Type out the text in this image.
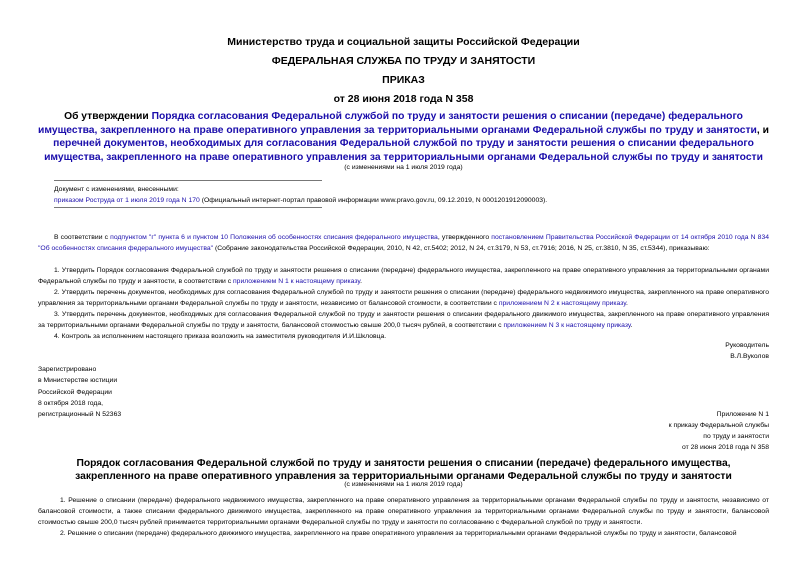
Министерство труда и социальной защиты Российской Федерации
ФЕДЕРАЛЬНАЯ СЛУЖБА ПО ТРУДУ И ЗАНЯТОСТИ
ПРИКАЗ
от 28 июня 2018 года N 358
Об утверждении Порядка согласования Федеральной службой по труду и занятости решения о списании (передаче) федерального имущества, закрепленного на праве оперативного управления за территориальными органами Федеральной службы по труду и занятости, и перечней документов, необходимых для согласования Федеральной службой по труду и занятости решения о списании федерального имущества, закрепленного на праве оперативного управления за территориальными органами Федеральной службы по труду и занятости
(с изменениями на 1 июля 2019 года)
Документ с изменениями, внесенными:
приказом Роструда от 1 июля 2019 года N 170 (Официальный интернет-портал правовой информации www.pravo.gov.ru, 09.12.2019, N 0001201912090003).
В соответствии с подпунктом "г" пункта 6 и пунктом 10 Положения об особенностях списания федерального имущества, утвержденного постановлением Правительства Российской Федерации от 14 октября 2010 года N 834 "Об особенностях списания федерального имущества" (Собрание законодательства Российской Федерации, 2010, N 42, ст.5402; 2012, N 24, ст.3179, N 53, ст.7916; 2016, N 25, ст.3810, N 35, ст.5344), приказываю:
1. Утвердить Порядок согласования Федеральной службой по труду и занятости решения о списании (передаче) федерального имущества, закрепленного на праве оперативного управления за территориальными органами Федеральной службы по труду и занятости, в соответствии с приложением N 1 к настоящему приказу.
2. Утвердить перечень документов, необходимых для согласования Федеральной службой по труду и занятости решения о списании (передаче) федерального недвижимого имущества, закрепленного на праве оперативного управления за территориальными органами Федеральной службы по труду и занятости, независимо от балансовой стоимости, в соответствии с приложением N 2 к настоящему приказу.
3. Утвердить перечень документов, необходимых для согласования Федеральной службой по труду и занятости решения о списании федерального движимого имущества, закрепленного на праве оперативного управления за территориальными органами Федеральной службы по труду и занятости, балансовой стоимостью свыше 200,0 тысяч рублей, в соответствии с приложением N 3 к настоящему приказу.
4. Контроль за исполнением настоящего приказа возложить на заместителя руководителя И.И.Шкловца.
Руководитель
В.Л.Вуколов
Зарегистрировано
в Министерстве юстиции
Российской Федерации
8 октября 2018 года,
регистрационный N 52363	Приложение N 1
к приказу Федеральной службы
по труду и занятости
от 28 июня 2018 года N 358
Порядок согласования Федеральной службой по труду и занятости решения о списании (передаче) федерального имущества, закрепленного на праве оперативного управления за территориальными органами Федеральной службы по труду и занятости
(с изменениями на 1 июля 2019 года)
1. Решение о списании (передаче) федерального недвижимого имущества, закрепленного на праве оперативного управления за территориальными органами Федеральной службы по труду и занятости, независимо от балансовой стоимости, а также списании федерального движимого имущества, закрепленного на праве оперативного управления за территориальными органами Федеральной службы по труду и занятости, балансовой стоимостью свыше 200,0 тысяч рублей принимается территориальными органами Федеральной службы по труду и занятости по согласованию с Федеральной службой по труду и занятости.
2. Решение о списании (передаче) федерального движимого имущества, закрепленного на праве оперативного управления за территориальными органами Федеральной службы по труду и занятости, балансовой
